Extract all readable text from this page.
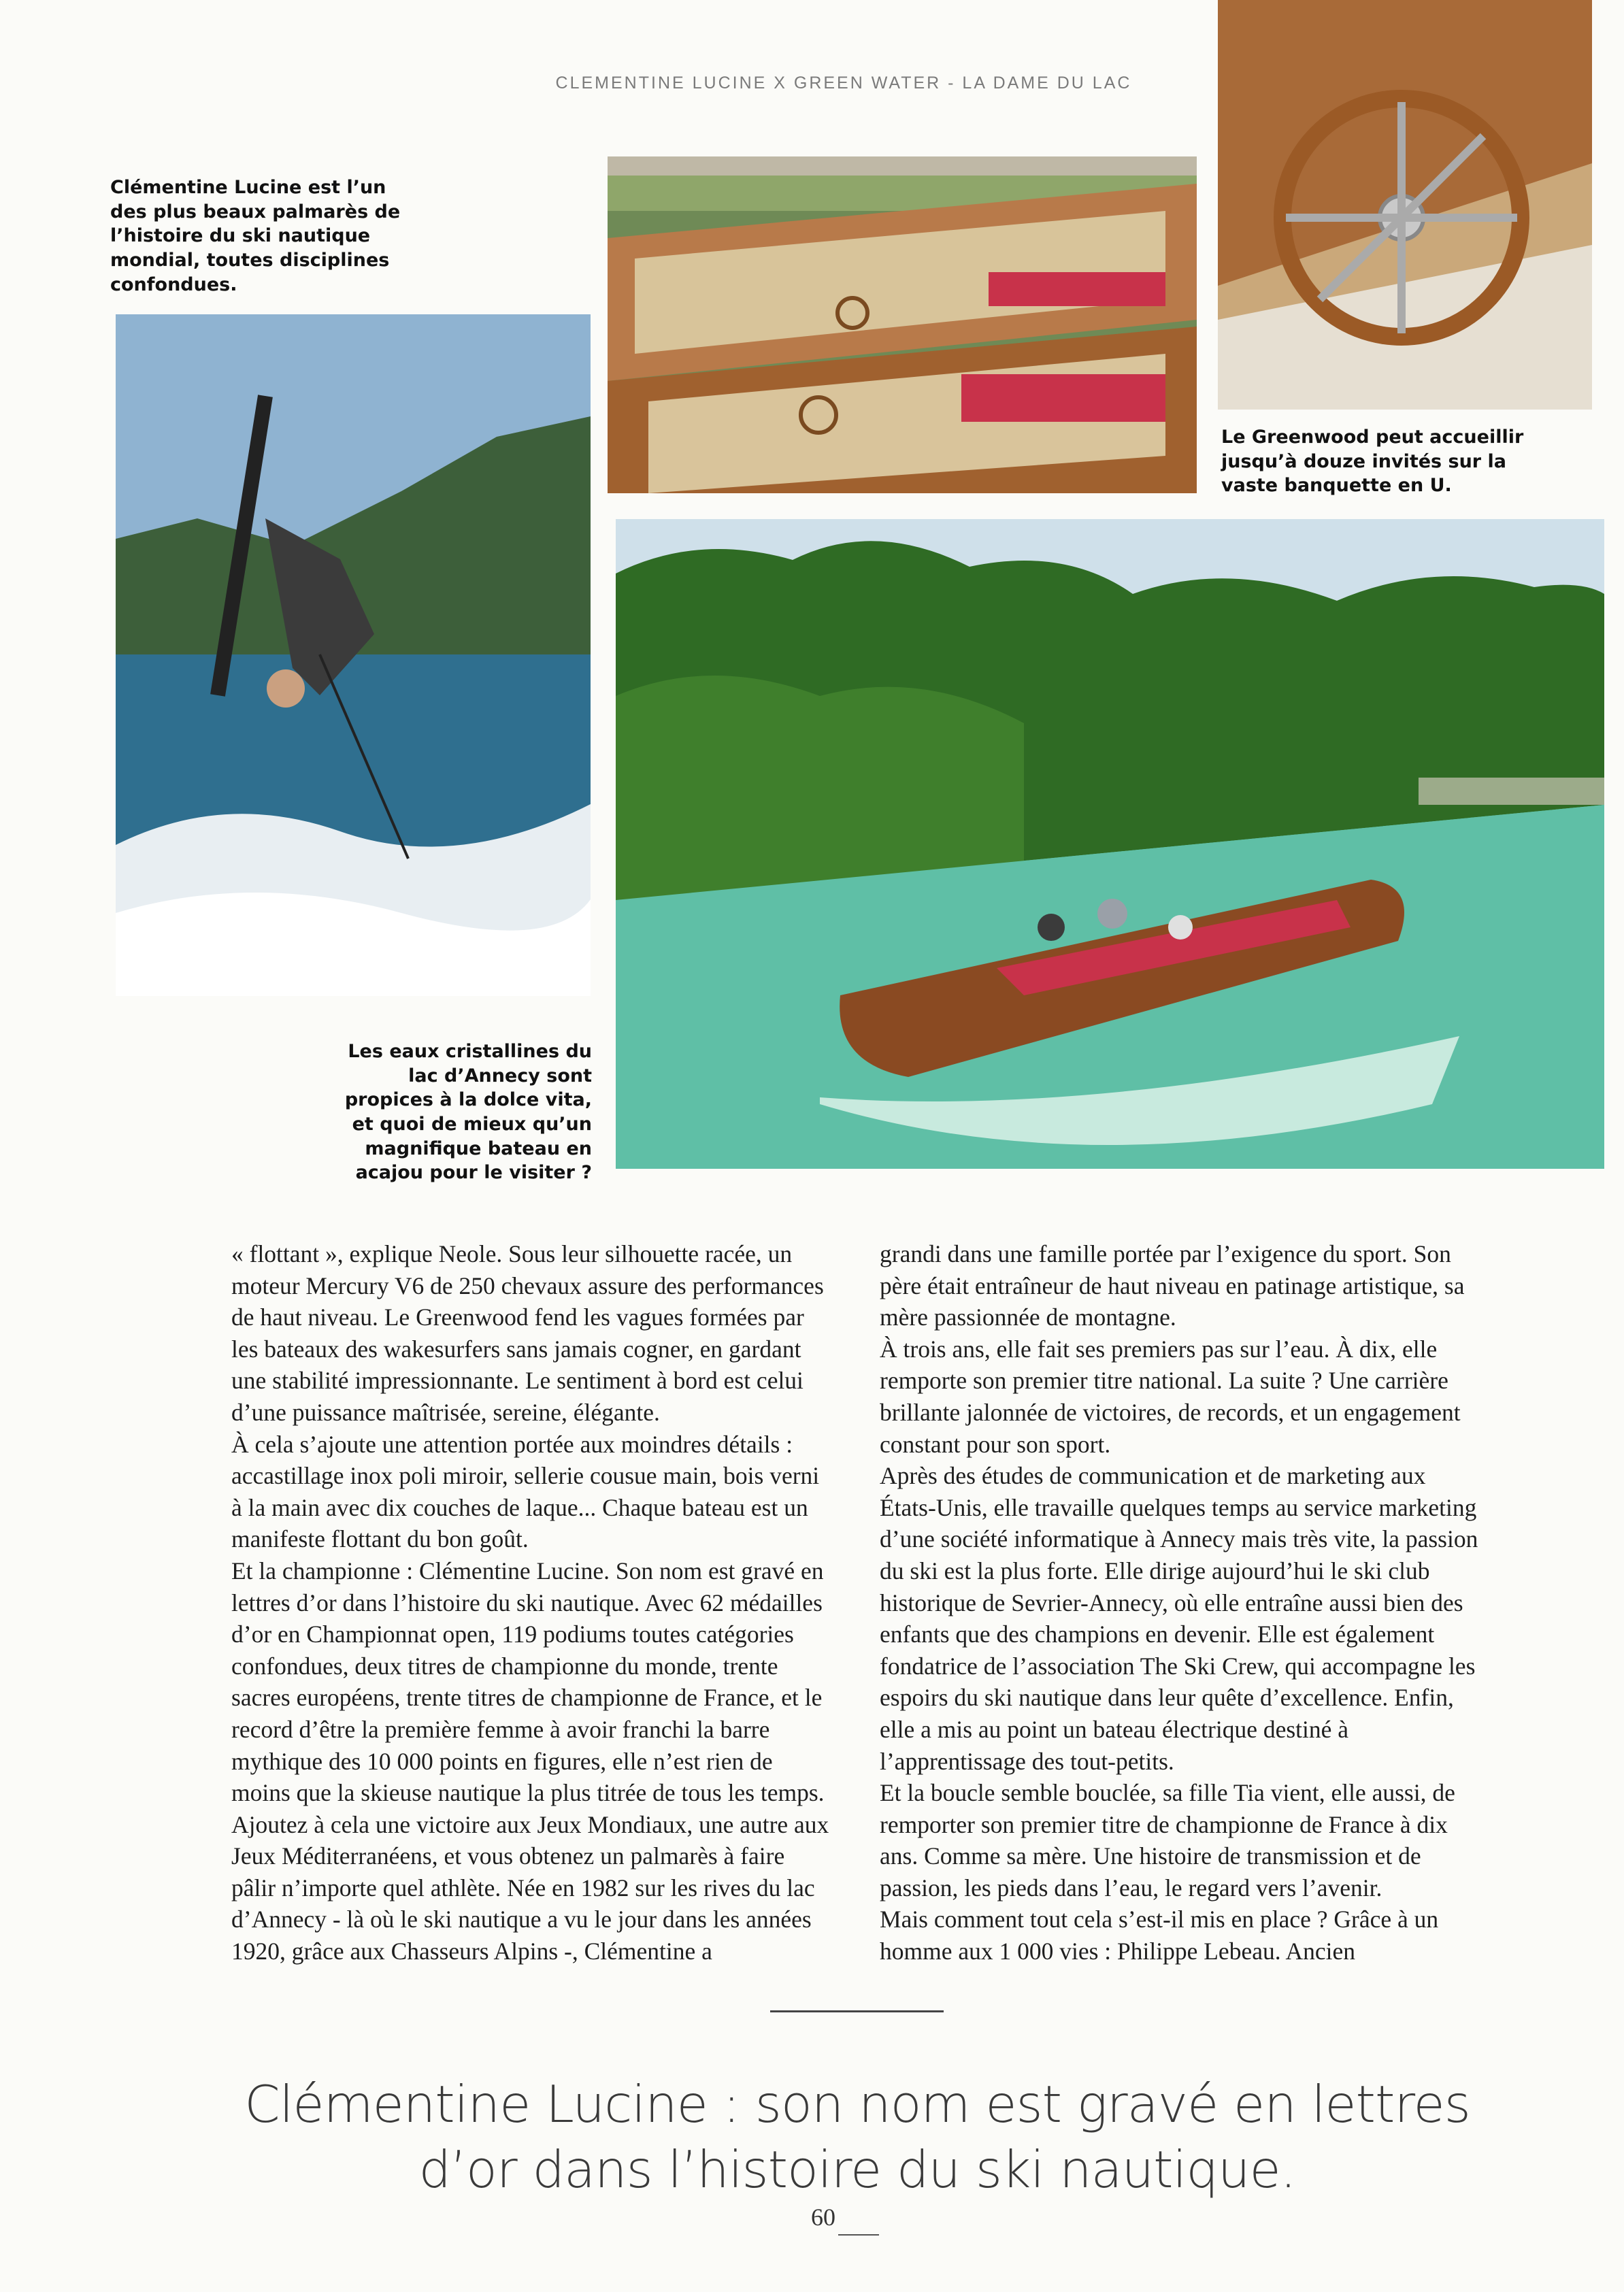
CLEMENTINE LUCINE X GREEN WATER - LA DAME DU LAC
Clémentine Lucine est l’un des plus beaux palmarès de l’histoire du ski nautique mondial, toutes disciplines confondues.
Le Greenwood peut accueillir jusqu’à douze invités sur la vaste banquette en U.
Les eaux cristallines du lac d’Annecy sont propices à la dolce vita, et quoi de mieux qu’un magnifique bateau en acajou pour le visiter ?

« flottant », explique Neole. Sous leur silhouette racée, un moteur Mercury V6 de 250 chevaux assure des performances de haut niveau. Le Greenwood fend les vagues formées par les bateaux des wakesurfers sans jamais cogner, en gardant une stabilité impressionnante. Le sentiment à bord est celui d’une puissance maîtrisée, sereine, élégante.

À cela s’ajoute une attention portée aux moindres détails : accastillage inox poli miroir, sellerie cousue main, bois verni à la main avec dix couches de laque... Chaque bateau est un manifeste flottant du bon goût.

Et la championne : Clémentine Lucine. Son nom est gravé en lettres d’or dans l’histoire du ski nautique. Avec 62 médailles d’or en Championnat open, 119 podiums toutes catégories confondues, deux titres de championne du monde, trente sacres européens, trente titres de championne de France, et le record d’être la première femme à avoir franchi la barre mythique des 10 000 points en figures, elle n’est rien de moins que la skieuse nautique la plus titrée de tous les temps. Ajoutez à cela une victoire aux Jeux Mondiaux, une autre aux Jeux Méditerranéens, et vous obtenez un palmarès à faire pâlir n’importe quel athlète. Née en 1982 sur les rives du lac d’Annecy - là où le ski nautique a vu le jour dans les années 1920, grâce aux Chasseurs Alpins -, Clémentine a

grandi dans une famille portée par l’exigence du sport. Son père était entraîneur de haut niveau en patinage artistique, sa mère passionnée de montagne.

À trois ans, elle fait ses premiers pas sur l’eau. À dix, elle remporte son premier titre national. La suite ? Une carrière brillante jalonnée de victoires, de records, et un engagement constant pour son sport.

Après des études de communication et de marketing aux États-Unis, elle travaille quelques temps au service marketing d’une société informatique à Annecy mais très vite, la passion du ski est la plus forte. Elle dirige aujourd’hui le ski club historique de Sevrier-Annecy, où elle entraîne aussi bien des enfants que des champions en devenir. Elle est également fondatrice de l’association The Ski Crew, qui accompagne les espoirs du ski nautique dans leur quête d’excellence. Enfin, elle a mis au point un bateau électrique destiné à l’apprentissage des tout-petits.

Et la boucle semble bouclée, sa fille Tia vient, elle aussi, de remporter son premier titre de championne de France à dix ans. Comme sa mère. Une histoire de transmission et de passion, les pieds dans l’eau, le regard vers l’avenir.

Mais comment tout cela s’est-il mis en place ? Grâce à un homme aux 1 000 vies : Philippe Lebeau. Ancien

Clémentine Lucine : son nom est gravé en lettres d’or dans l’histoire du ski nautique.
60
